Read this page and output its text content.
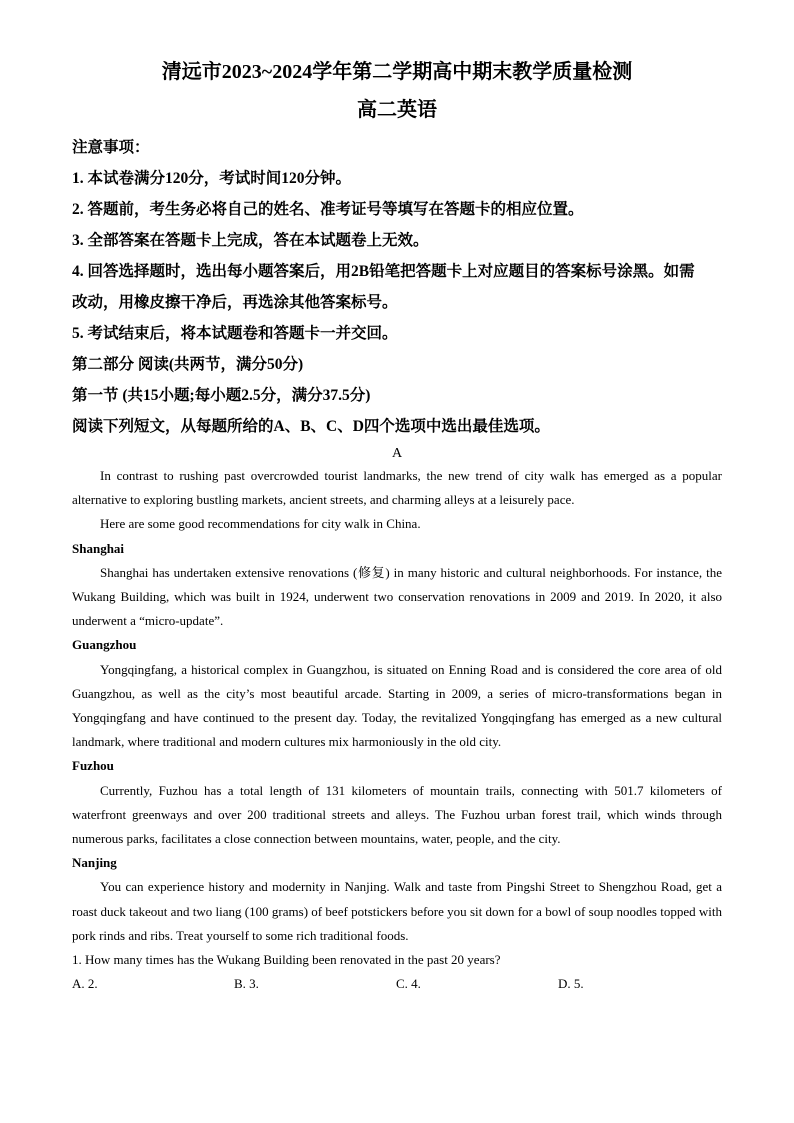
清远市2023~2024学年第二学期高中期末教学质量检测
高二英语

注意事项：

1. 本试卷满分120分，考试时间120分钟。

2. 答题前，考生务必将自己的姓名、准考证号等填写在答题卡的相应位置。

3. 全部答案在答题卡上完成，答在本试题卷上无效。

4. 回答选择题时，选出每小题答案后，用2B铅笔把答题卡上对应题目的答案标号涂黑。如需

改动，用橡皮擦干净后，再选涂其他答案标号。

5. 考试结束后，将本试题卷和答题卡一并交回。

第二部分 阅读(共两节，满分50分)

第一节 (共15小题;每小题2.5分，满分37.5分)

阅读下列短文，从每题所给的A、B、C、D四个选项中选出最佳选项。

A

In contrast to rushing past overcrowded tourist landmarks, the new trend of city walk has emerged as a popular alternative to exploring bustling markets, ancient streets, and charming alleys at a leisurely pace.

Here are some good recommendations for city walk in China.

Shanghai

Shanghai has undertaken extensive renovations (修复) in many historic and cultural neighborhoods. For instance, the Wukang Building, which was built in 1924, underwent two conservation renovations in 2009 and 2019. In 2020, it also underwent a “micro-update”.

Guangzhou

Yongqingfang, a historical complex in Guangzhou, is situated on Enning Road and is considered the core area of old Guangzhou, as well as the city’s most beautiful arcade. Starting in 2009, a series of micro-transformations began in Yongqingfang and have continued to the present day. Today, the revitalized Yongqingfang has emerged as a new cultural landmark, where traditional and modern cultures mix harmoniously in the old city.

Fuzhou

Currently, Fuzhou has a total length of 131 kilometers of mountain trails, connecting with 501.7 kilometers of waterfront greenways and over 200 traditional streets and alleys. The Fuzhou urban forest trail, which winds through numerous parks, facilitates a close connection between mountains, water, people, and the city.

Nanjing

You can experience history and modernity in Nanjing. Walk and taste from Pingshi Street to Shengzhou Road, get a roast duck takeout and two liang (100 grams) of beef potstickers before you sit down for a bowl of soup noodles topped with pork rinds and ribs. Treat yourself to some rich traditional foods.

1. How many times has the Wukang Building been renovated in the past 20 years?

A. 2.	B. 3.	C. 4.	D. 5.
